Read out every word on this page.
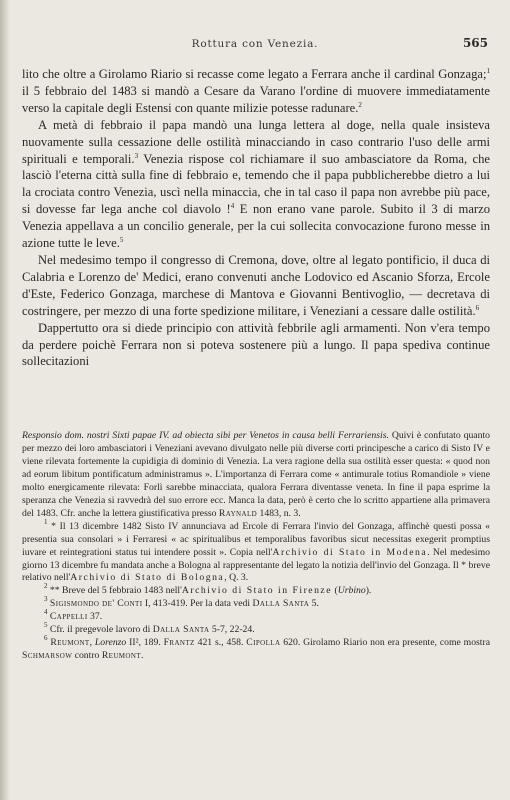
Rottura con Venezia.	565

lito che oltre a Girolamo Riario si recasse come legato a Ferrara anche il cardinal Gonzaga;$^1$ il 5 febbraio del 1483 si mandò a Cesare da Varano l'ordine di muovere immediatamente verso la capitale degli Estensi con quante milizie potesse radunare.$^2$

A metà di febbraio il papa mandò una lunga lettera al doge, nella quale insisteva nuovamente sulla cessazione delle ostilità minacciando in caso contrario l'uso delle armi spirituali e temporali.$^3$ Venezia rispose col richiamare il suo ambasciatore da Roma, che lasciò l'eterna città sulla fine di febbraio e, temendo che il papa pubblicherebbe dietro a lui la crociata contro Venezia, uscì nella minaccia, che in tal caso il papa non avrebbe più pace, si dovesse far lega anche col diavolo !$^4$ E non erano vane parole. Subito il 3 di marzo Venezia appellava a un concilio generale, per la cui sollecita convocazione furono messe in azione tutte le leve.$^5$

Nel medesimo tempo il congresso di Cremona, dove, oltre al legato pontificio, il duca di Calabria e Lorenzo de' Medici, erano convenuti anche Lodovico ed Ascanio Sforza, Ercole d'Este, Federico Gonzaga, marchese di Mantova e Giovanni Bentivoglio, — decretava di costringere, per mezzo di una forte spedizione militare, i Veneziani a cessare dalle ostilità.$^6$

Dappertutto ora si diede principio con attività febbrile agli armamenti. Non v'era tempo da perdere poichè Ferrara non si poteva sostenere più a lungo. Il papa spediva continue sollecitazioni

Responsio dom. nostri Sixti papae IV. ad obiecta sibi per Venetos in causa belli Ferrariensis. Quivi è confutato quanto per mezzo dei loro ambasciatori i Veneziani avevano divulgato nelle più diverse corti principesche a carico di Sisto IV e viene rilevata fortemente la cupidigia di dominio di Venezia. La vera ragione della sua ostilità esser questa: « quod non ad eorum libitum pontificatum administramus ». L'importanza di Ferrara come « antimurale totius Romandiole » viene molto energicamente rilevata: Forlì sarebbe minacciata, qualora Ferrara diventasse veneta. In fine il papa esprime la speranza che Venezia si ravvedrà del suo errore ecc. Manca la data, però è certo che lo scritto appartiene alla primavera del 1483. Cfr. anche la lettera giustificativa presso Raynald 1483, n. 3.

$^1$ * Il 13 dicembre 1482 Sisto IV annunciava ad Ercole di Ferrara l'invio del Gonzaga, affinchè questi possa « presentia sua consolari » i Ferraresi « ac spiritualibus et temporalibus favoribus sicut necessitas exegerit promptius iuvare et reintegrationi status tui intendere possit ». Copia nell'Archivio di Stato in Modena. Nel medesimo giorno 13 dicembre fu mandata anche a Bologna al rappresentante del legato la notizia dell'invio del Gonzaga. Il * breve relativo nell'Archivio di Stato di Bologna, Q. 3.

$^2$ ** Breve del 5 febbraio 1483 nell'Archivio di Stato in Firenze (Urbino).

$^3$ Sigismondo de' Conti I, 413-419. Per la data vedi Dalla Santa 5.

$^4$ Cappelli 37.

$^5$ Cfr. il pregevole lavoro di Dalla Santa 5-7, 22-24.

$^6$ Reumont, Lorenzo II², 189. Frantz 421 s., 458. Cipolla 620. Girolamo Riario non era presente, come mostra Schmarsow contro Reumont.
